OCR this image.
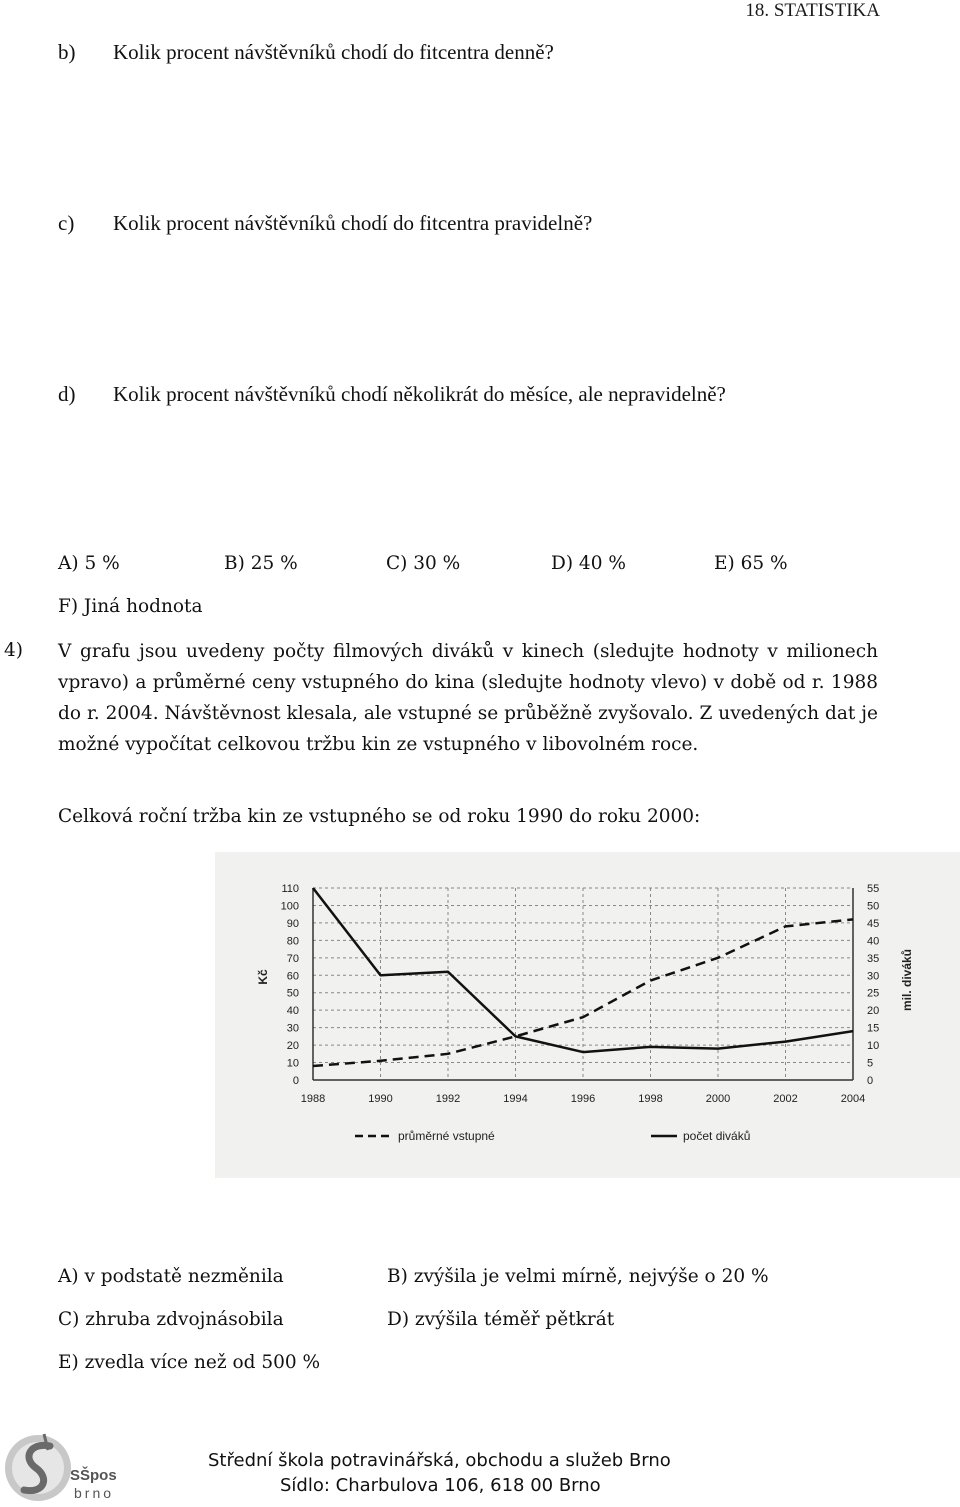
18. STATISTIKA
b) Kolik procent návštěvníků chodí do fitcentra denně?
c) Kolik procent návštěvníků chodí do fitcentra pravidelně?
d) Kolik procent návštěvníků chodí několikrát do měsíce, ale nepravidelně?
A) 5 %	B) 25 %	C) 30 %	D) 40 %	E) 65 %
F) Jiná hodnota
4) V grafu jsou uvedeny počty filmových diváků v kinech (sledujte hodnoty v milionech vpravo) a průměrné ceny vstupného do kina (sledujte hodnoty vlevo) v době od r. 1988 do r. 2004. Návštěvnost klesala, ale vstupné se průběžně zvyšovalo. Z uvedených dat je možné vypočítat celkovou tržbu kin ze vstupného v libovolném roce.
Celková roční tržba kin ze vstupného se od roku 1990 do roku 2000:
0
10
20
30
40
50
60
70
80
90
100
110
0
5
10
15
20
25
30
35
40
45
50
55
1988	1990	1992	1994	1996	1998	2000	2002	2004
Kč	mil. diváků
průměrné vstupné	počet diváků
A) v podstatě nezměnila	B) zvýšila je velmi mírně, nejvýše o 20 %
C) zhruba zdvojnásobila	D) zvýšila téměř pětkrát
E) zvedla více než od 500 %
SŠpos
brno
Střední škola potravinářská, obchodu a služeb Brno
Sídlo: Charbulova 106, 618 00 Brno
